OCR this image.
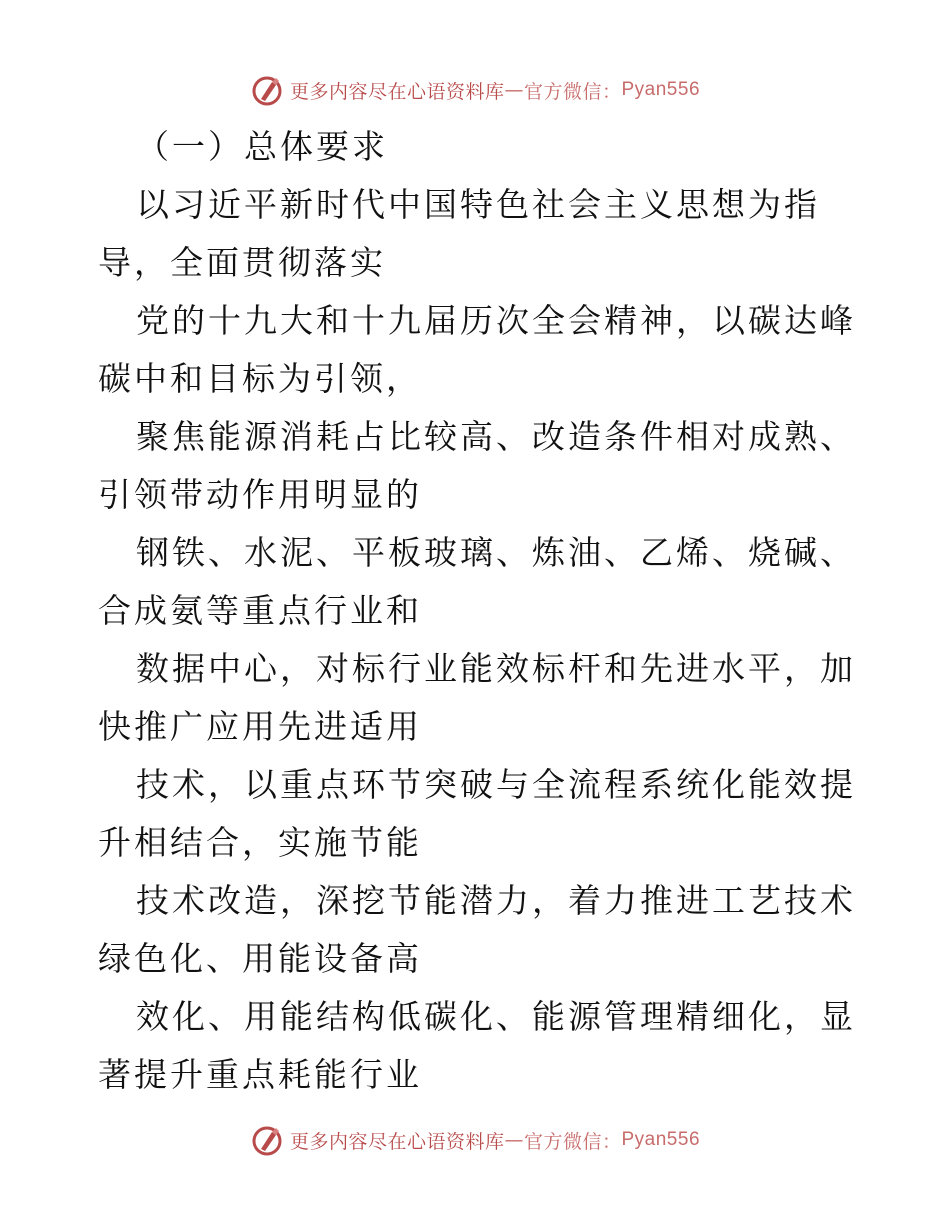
更多内容尽在心语资料库 — 官方微信： Pyan556

（一）总体要求

以习近平新时代中国特色社会主义思想为指导，全面贯彻落实

党的十九大和十九届历次全会精神，以碳达峰碳中和目标为引领，

聚焦能源消耗占比较高、改造条件相对成熟、引领带动作用明显的

钢铁、水泥、平板玻璃、炼油、乙烯、烧碱、合成氨等重点行业和

数据中心，对标行业能效标杆和先进水平，加快推广应用先进适用

技术，以重点环节突破与全流程系统化能效提升相结合，实施节能

技术改造，深挖节能潜力，着力推进工艺技术绿色化、用能设备高

效化、用能结构低碳化、能源管理精细化，显著提升重点耗能行业

更多内容尽在心语资料库 — 官方微信： Pyan556
